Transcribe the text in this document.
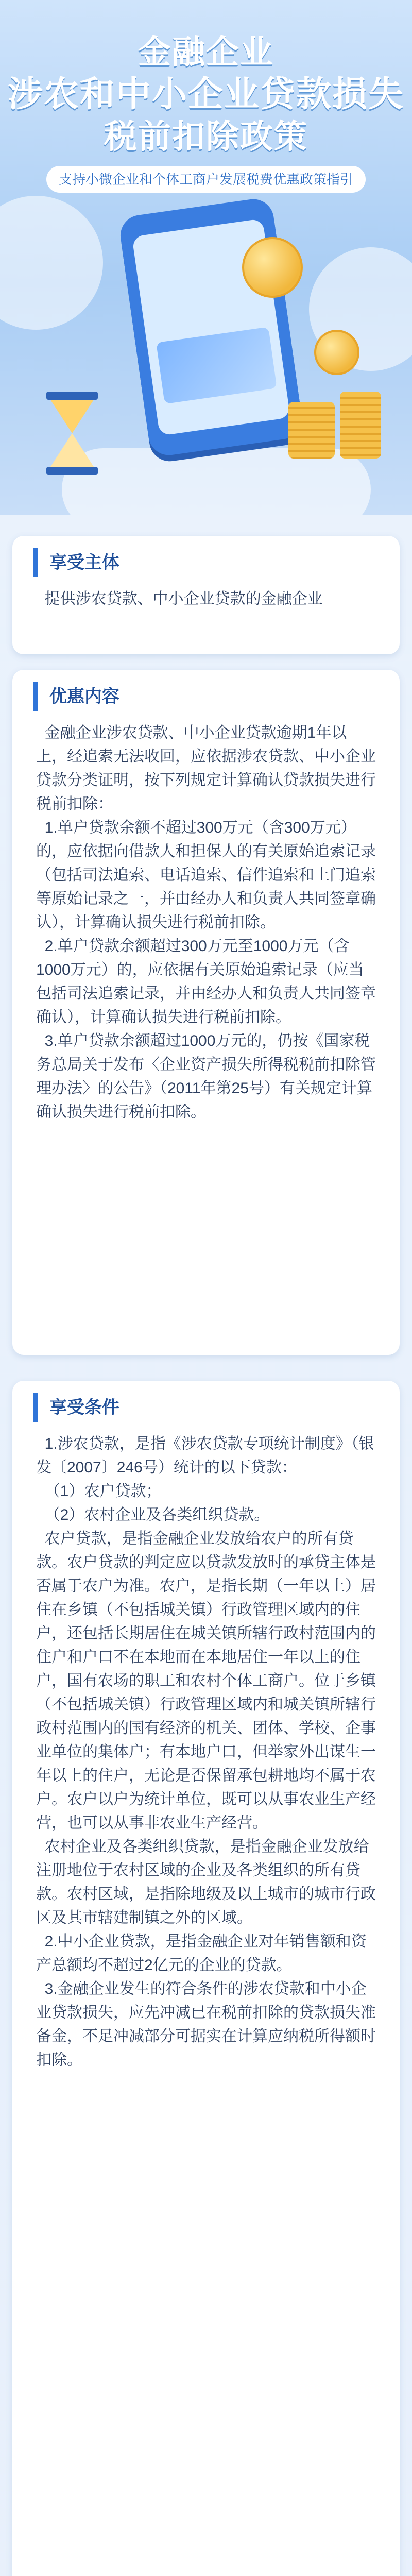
金融企业
涉农和中小企业贷款损失
税前扣除政策
支持小微企业和个体工商户发展税费优惠政策指引
享受主体
提供涉农贷款、中小企业贷款的金融企业
优惠内容
金融企业涉农贷款、中小企业贷款逾期1年以上，经追索无法收回，应依据涉农贷款、中小企业贷款分类证明，按下列规定计算确认贷款损失进行税前扣除：
1.单户贷款余额不超过300万元（含300万元）的，应依据向借款人和担保人的有关原始追索记录（包括司法追索、电话追索、信件追索和上门追索等原始记录之一，并由经办人和负责人共同签章确认），计算确认损失进行税前扣除。
2.单户贷款余额超过300万元至1000万元（含1000万元）的，应依据有关原始追索记录（应当包括司法追索记录，并由经办人和负责人共同签章确认），计算确认损失进行税前扣除。
3.单户贷款余额超过1000万元的，仍按《国家税务总局关于发布〈企业资产损失所得税税前扣除管理办法〉的公告》（2011年第25号）有关规定计算确认损失进行税前扣除。
享受条件
1.涉农贷款，是指《涉农贷款专项统计制度》（银发〔2007〕246号）统计的以下贷款：
（1）农户贷款；
（2）农村企业及各类组织贷款。
农户贷款，是指金融企业发放给农户的所有贷款。农户贷款的判定应以贷款发放时的承贷主体是否属于农户为准。农户，是指长期（一年以上）居住在乡镇（不包括城关镇）行政管理区域内的住户，还包括长期居住在城关镇所辖行政村范围内的住户和户口不在本地而在本地居住一年以上的住户，国有农场的职工和农村个体工商户。位于乡镇（不包括城关镇）行政管理区域内和城关镇所辖行政村范围内的国有经济的机关、团体、学校、企事业单位的集体户；有本地户口，但举家外出谋生一年以上的住户，无论是否保留承包耕地均不属于农户。农户以户为统计单位，既可以从事农业生产经营，也可以从事非农业生产经营。
农村企业及各类组织贷款，是指金融企业发放给注册地位于农村区域的企业及各类组织的所有贷款。农村区域，是指除地级及以上城市的城市行政区及其市辖建制镇之外的区域。
2.中小企业贷款，是指金融企业对年销售额和资产总额均不超过2亿元的企业的贷款。
3.金融企业发生的符合条件的涉农贷款和中小企业贷款损失，应先冲减已在税前扣除的贷款损失准备金，不足冲减部分可据实在计算应纳税所得额时扣除。
